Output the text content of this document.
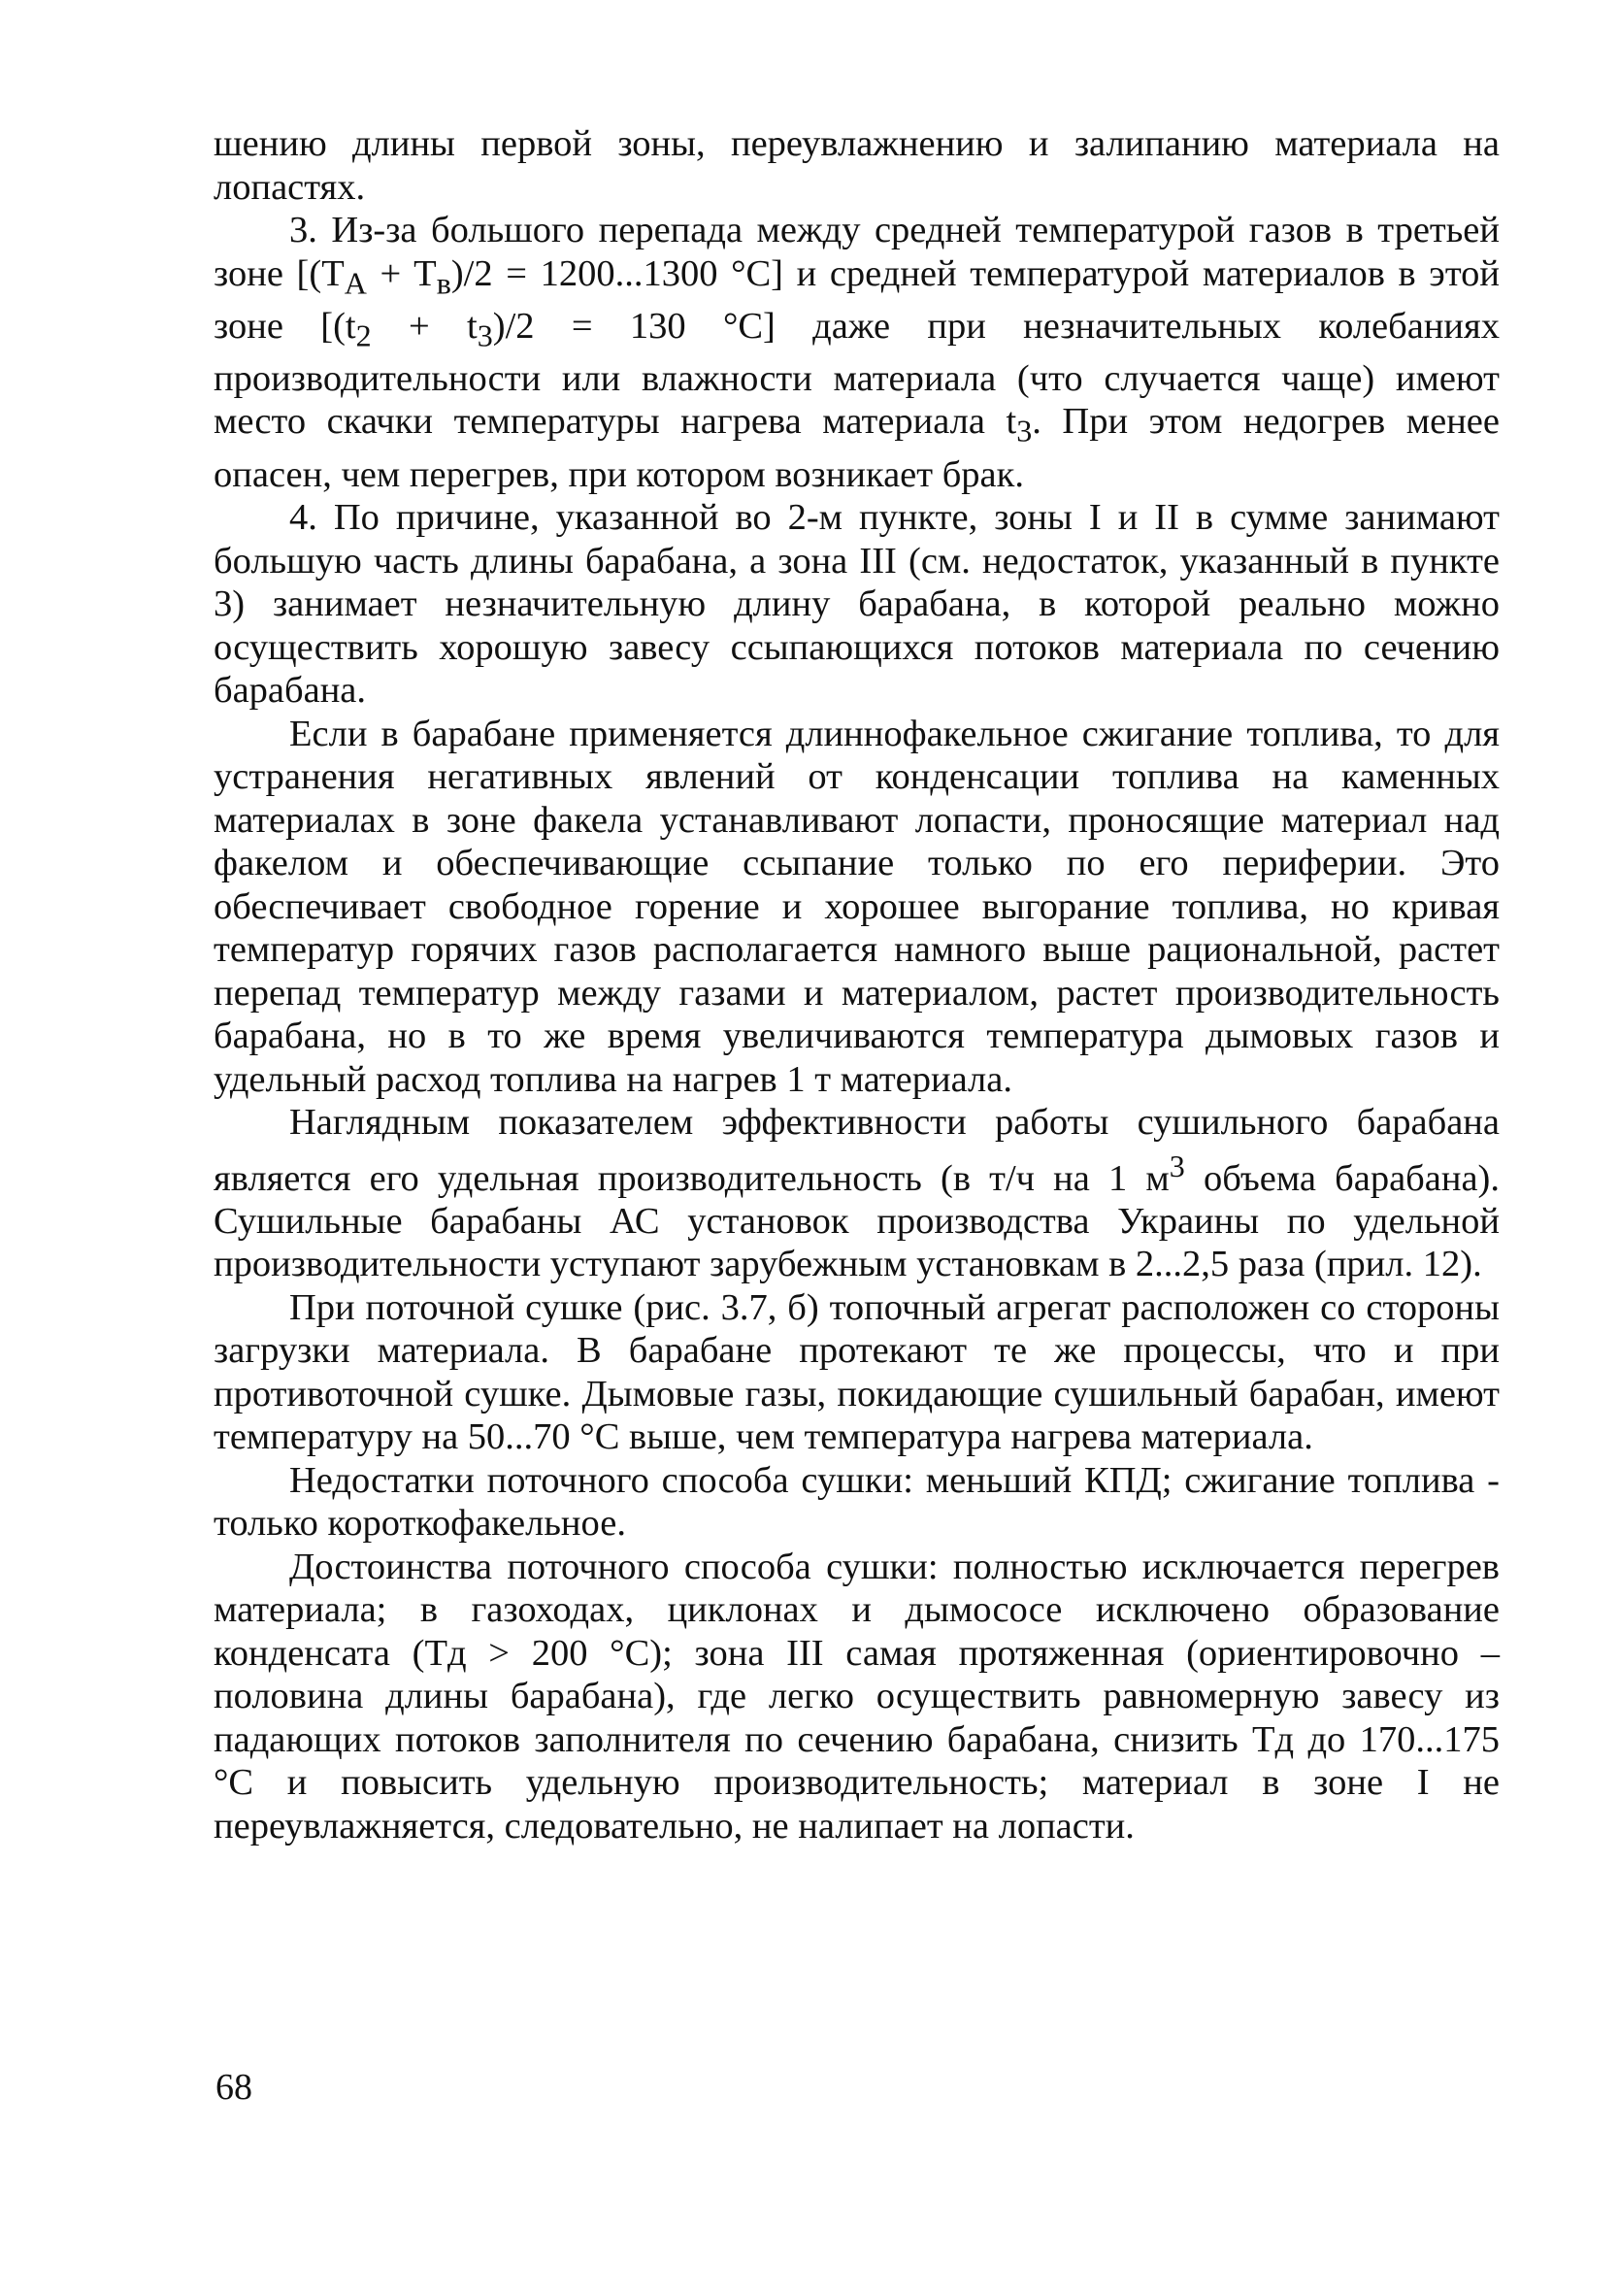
шению длины первой зоны, переувлажнению и залипанию материала на лопастях.

3. Из-за большого перепада между средней температурой газов в третьей зоне [$(T_A + T_в)/2 = 1200...1300$ °С] и средней температурой материалов в этой зоне [$(t_2 + t_3)/2 = 130$ °С] даже при незначительных колебаниях производительности или влажности материала (что случается чаще) имеют место скачки температуры нагрева материала $t_3$. При этом недогрев менее опасен, чем перегрев, при котором возникает брак.

4. По причине, указанной во 2-м пункте, зоны I и II в сумме занимают большую часть длины барабана, а зона III (см. недостаток, указанный в пункте 3) занимает незначительную длину барабана, в которой реально можно осуществить хорошую завесу ссыпающихся потоков материала по сечению барабана.

Если в барабане применяется длиннофакельное сжигание топлива, то для устранения негативных явлений от конденсации топлива на каменных материалах в зоне факела устанавливают лопасти, проносящие материал над факелом и обеспечивающие ссыпание только по его периферии. Это обеспечивает свободное горение и хорошее выгорание топлива, но кривая температур горячих газов располагается намного выше рациональной, растет перепад температур между газами и материалом, растет производительность барабана, но в то же время увеличиваются температура дымовых газов и удельный расход топлива на нагрев 1 т материала.

Наглядным показателем эффективности работы сушильного барабана является его удельная производительность (в т/ч на 1 $м^3$ объема барабана). Сушильные барабаны АС установок производства Украины по удельной производительности уступают зарубежным установкам в 2...2,5 раза (прил. 12).

При поточной сушке (рис. 3.7, б) топочный агрегат расположен со стороны загрузки материала. В барабане протекают те же процессы, что и при противоточной сушке. Дымовые газы, покидающие сушильный барабан, имеют температуру на 50...70 °С выше, чем температура нагрева материала.

Недостатки поточного способа сушки: меньший КПД; сжигание топлива - только короткофакельное.

Достоинства поточного способа сушки: полностью исключается перегрев материала; в газоходах, циклонах и дымососе исключено образование конденсата (Тд > 200 °С); зона III самая протяженная (ориентировочно – половина длины барабана), где легко осуществить равномерную завесу из падающих потоков заполнителя по сечению барабана, снизить Тд до 170...175 °С и повысить удельную производительность; материал в зоне I не переувлажняется, следовательно, не налипает на лопасти.

68
